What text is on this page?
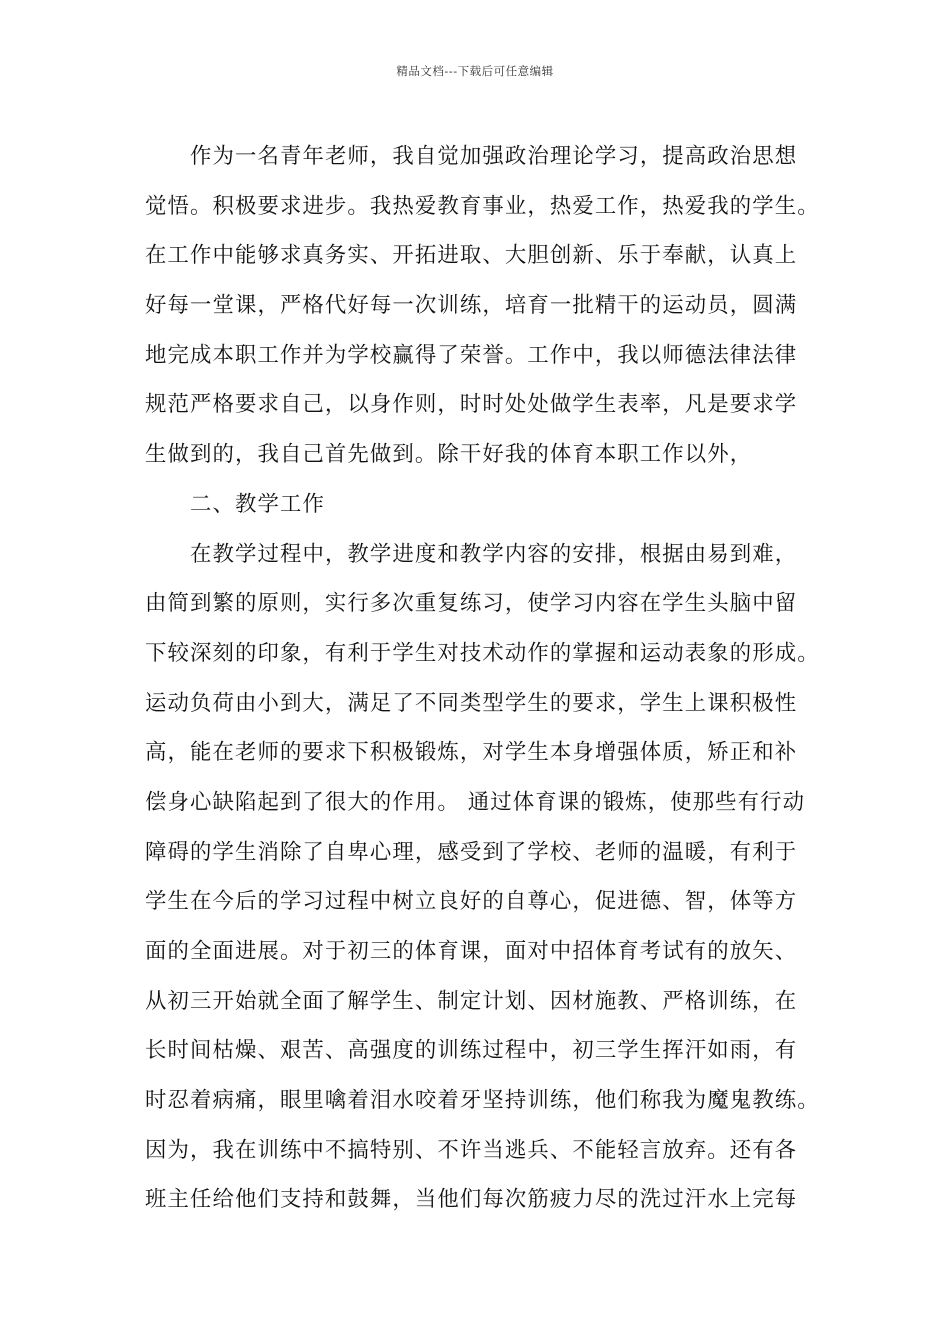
精品文档---下载后可任意编辑
作为一名青年老师，我自觉加强政治理论学习，提高政治思想
觉悟。积极要求进步。我热爱教育事业，热爱工作，热爱我的学生。
在工作中能够求真务实、开拓进取、大胆创新、乐于奉献，认真上
好每一堂课，严格代好每一次训练，培育一批精干的运动员，圆满
地完成本职工作并为学校赢得了荣誉。工作中，我以师德法律法律
规范严格要求自己，以身作则，时时处处做学生表率，凡是要求学
生做到的，我自己首先做到。除干好我的体育本职工作以外，
二、教学工作
在教学过程中，教学进度和教学内容的安排，根据由易到难，
由简到繁的原则，实行多次重复练习，使学习内容在学生头脑中留
下较深刻的印象，有利于学生对技术动作的掌握和运动表象的形成。
运动负荷由小到大，满足了不同类型学生的要求，学生上课积极性
高，能在老师的要求下积极锻炼，对学生本身增强体质，矫正和补
偿身心缺陷起到了很大的作用。 通过体育课的锻炼，使那些有行动
障碍的学生消除了自卑心理，感受到了学校、老师的温暖，有利于
学生在今后的学习过程中树立良好的自尊心，促进德、智，体等方
面的全面进展。对于初三的体育课，面对中招体育考试有的放矢、
从初三开始就全面了解学生、制定计划、因材施教、严格训练，在
长时间枯燥、艰苦、高强度的训练过程中，初三学生挥汗如雨，有
时忍着病痛，眼里噙着泪水咬着牙坚持训练，他们称我为魔鬼教练。
因为，我在训练中不搞特别、不许当逃兵、不能轻言放弃。还有各
班主任给他们支持和鼓舞，当他们每次筋疲力尽的洗过汗水上完每
